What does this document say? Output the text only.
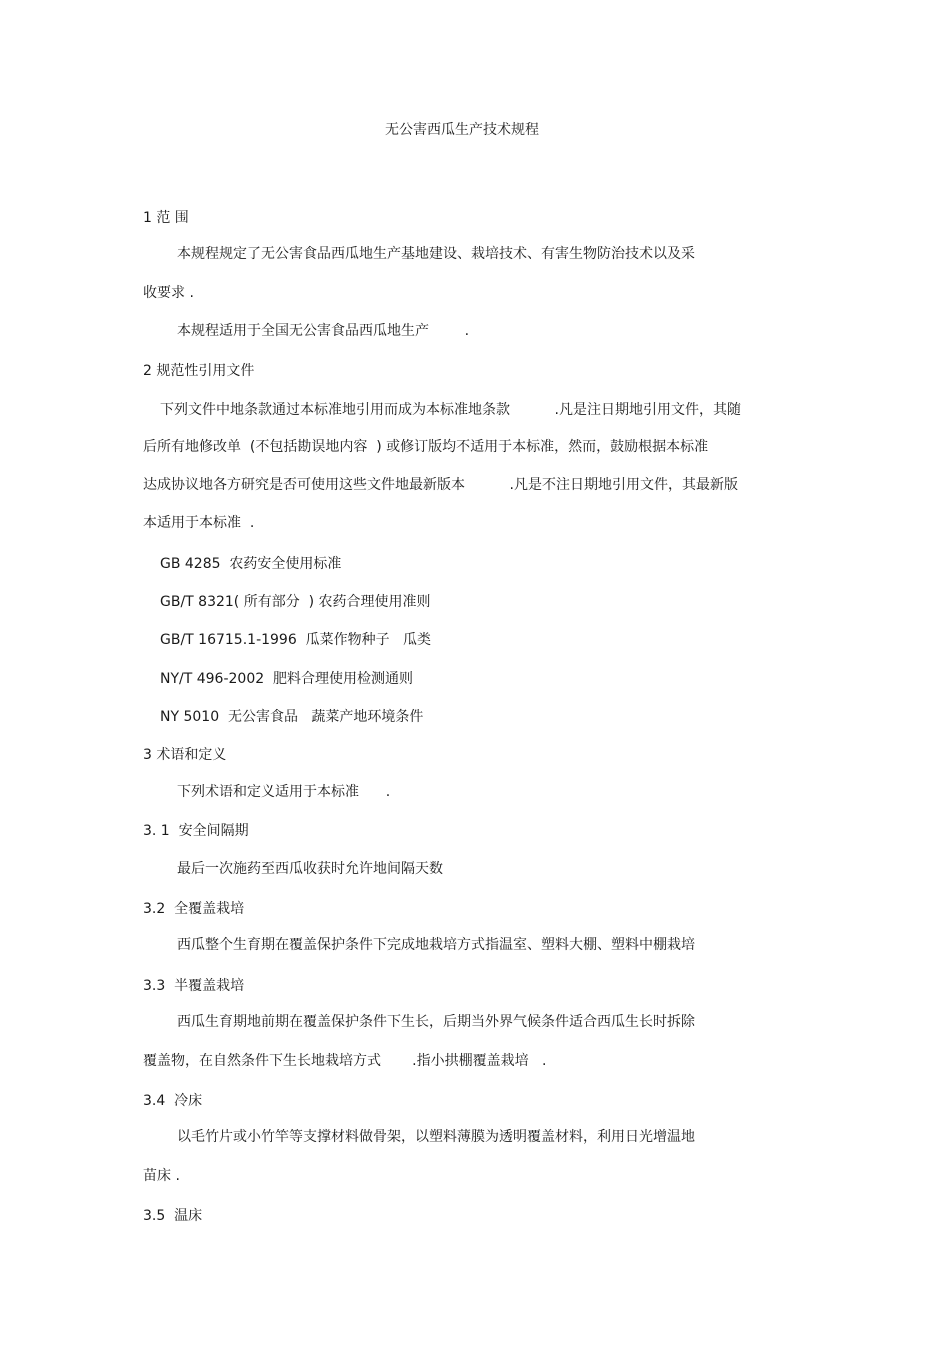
无公害西瓜生产技术规程
1 范 围
本规程规定了无公害食品西瓜地生产基地建设、栽培技术、有害生物防治技术以及采
收要求 .
本规程适用于全国无公害食品西瓜地生产        .
2 规范性引用文件
下列文件中地条款通过本标准地引用而成为本标准地条款          .凡是注日期地引用文件，其随
后所有地修改单  (不包括勘误地内容  ) 或修订版均不适用于本标准，然而，鼓励根据本标准
达成协议地各方研究是否可使用这些文件地最新版本          .凡是不注日期地引用文件，其最新版
本适用于本标准  .
GB 4285  农药安全使用标准
GB/T 8321( 所有部分  ) 农药合理使用准则
GB/T 16715.1-1996  瓜菜作物种子   瓜类
NY/T 496-2002  肥料合理使用检测通则
NY 5010  无公害食品   蔬菜产地环境条件
3 术语和定义
下列术语和定义适用于本标准      .
3. 1  安全间隔期
最后一次施药至西瓜收获时允许地间隔天数
3.2  全覆盖栽培
西瓜整个生育期在覆盖保护条件下完成地栽培方式指温室、塑料大棚、塑料中棚栽培
3.3  半覆盖栽培
西瓜生育期地前期在覆盖保护条件下生长，后期当外界气候条件适合西瓜生长时拆除
覆盖物，在自然条件下生长地栽培方式       .指小拱棚覆盖栽培   .
3.4  冷床
以毛竹片或小竹竿等支撑材料做骨架，以塑料薄膜为透明覆盖材料，利用日光增温地
苗床 .
3.5  温床
